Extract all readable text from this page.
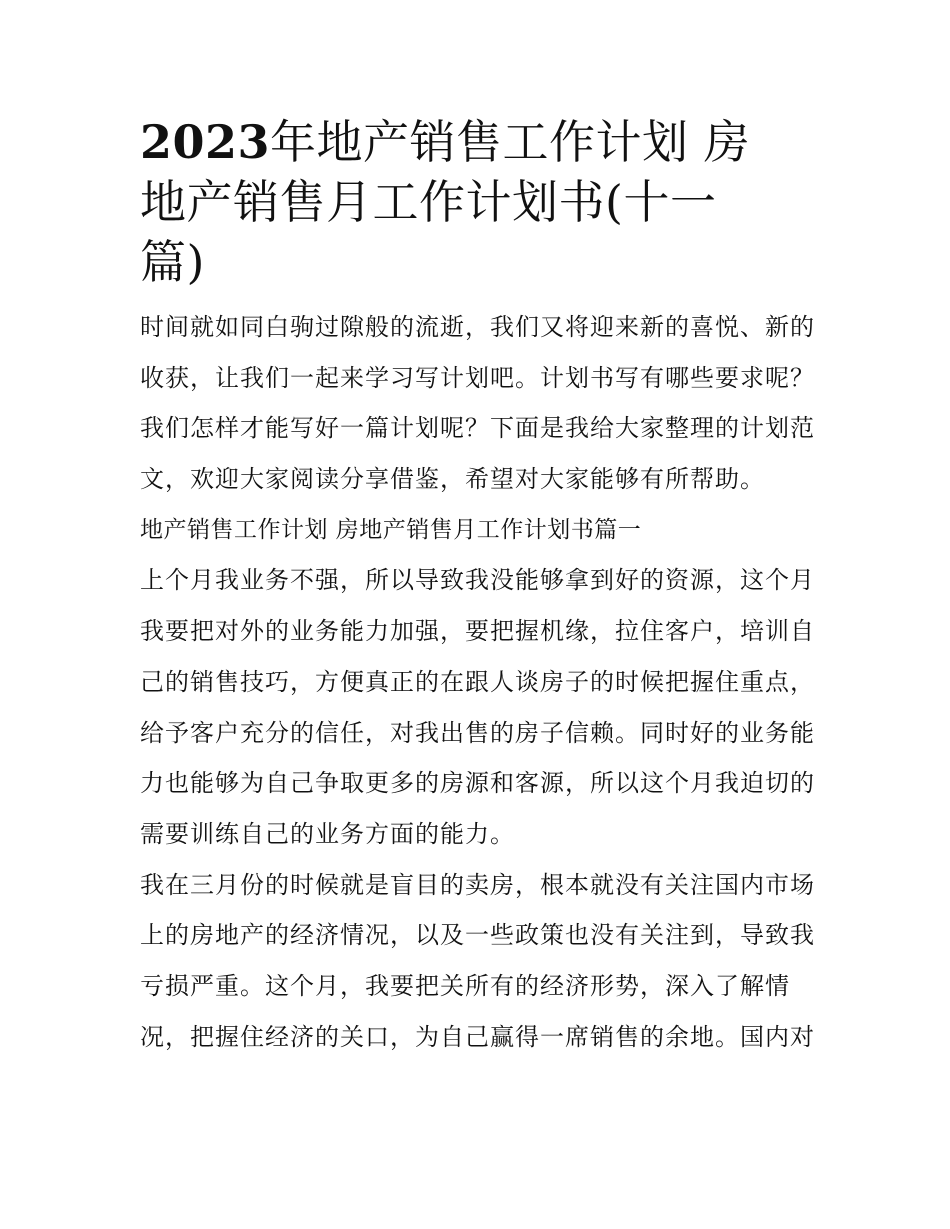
2023年地产销售工作计划 房
地产销售月工作计划书(十一
篇)

时间就如同白驹过隙般的流逝，我们又将迎来新的喜悦、新的
收获，让我们一起来学习写计划吧。计划书写有哪些要求呢？
我们怎样才能写好一篇计划呢？下面是我给大家整理的计划范
文，欢迎大家阅读分享借鉴，希望对大家能够有所帮助。

地产销售工作计划 房地产销售月工作计划书篇一

上个月我业务不强，所以导致我没能够拿到好的资源，这个月
我要把对外的业务能力加强，要把握机缘，拉住客户，培训自
己的销售技巧，方便真正的在跟人谈房子的时候把握住重点，
给予客户充分的信任，对我出售的房子信赖。同时好的业务能
力也能够为自己争取更多的房源和客源，所以这个月我迫切的
需要训练自己的业务方面的能力。

我在三月份的时候就是盲目的卖房，根本就没有关注国内市场
上的房地产的经济情况，以及一些政策也没有关注到，导致我
亏损严重。这个月，我要把关所有的经济形势，深入了解情
况，把握住经济的关口，为自己赢得一席销售的余地。国内对
